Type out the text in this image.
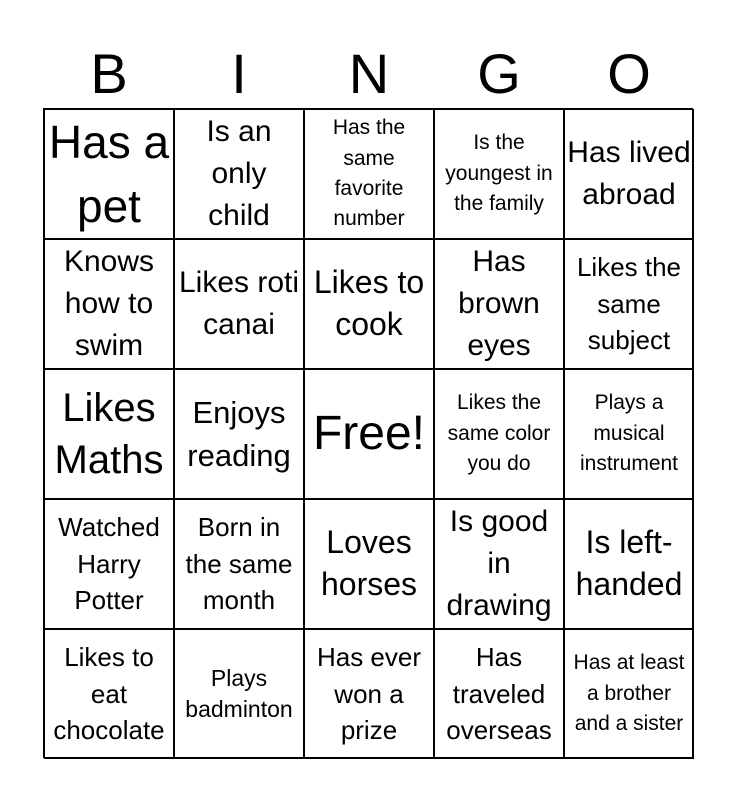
B	I	N	G	O
Has a pet
Is an only child
Has the same favorite number
Is the youngest in the family
Has lived abroad
Knows how to swim
Likes roti canai
Likes to cook
Has brown eyes
Likes the same subject
Likes Maths
Enjoys reading Free!
Likes the same color you do
Plays a musical instrument
Watched Harry Potter
Born in the same month
Loves horses
Is good in drawing
Is left-handed
Likes to eat chocolate
Plays badminton
Has ever won a prize
Has traveled overseas
Has at least a brother and a sister
